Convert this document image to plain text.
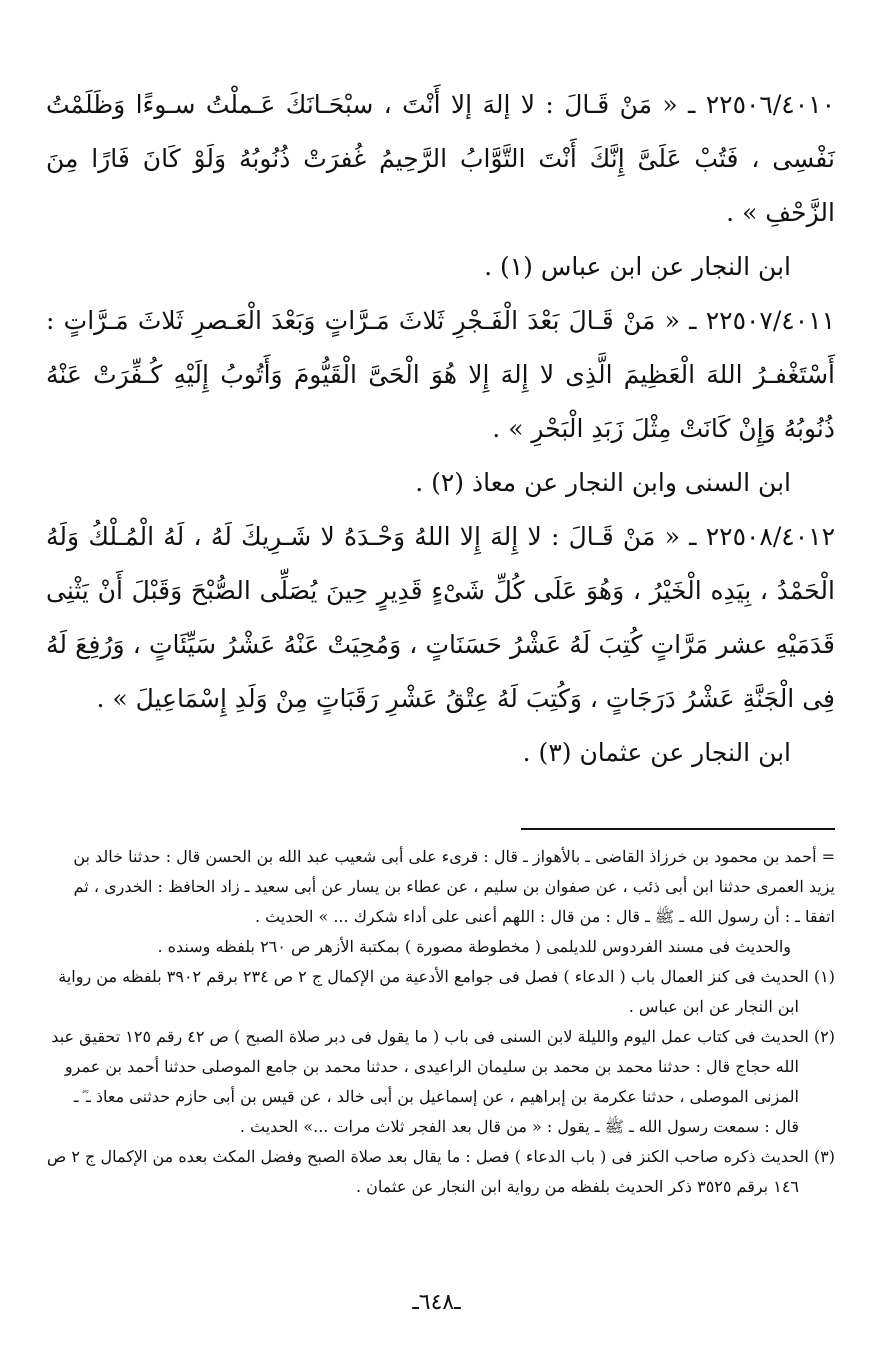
٢٢٥٠٦/٤٠١٠ ـ « مَنْ قَـالَ : لا إلهَ إلا أَنْتَ ، سبْحَـانَكَ عَـملْتُ سـوءًا وَظَلَمْتُ نَفْسِى ، فَتُبْ عَلَىَّ إِنَّكَ أَنْتَ التَّوَّابُ الرَّحِيمُ غُفرَتْ ذُنُوبُهُ وَلَوْ كَانَ فَارًا مِنَ الزَّحْفِ » .

ابن النجار عن ابن عباس (١) .

٢٢٥٠٧/٤٠١١ ـ « مَنْ قَـالَ بَعْدَ الْفَـجْرِ ثَلاثَ مَـرَّاتٍ وَبَعْدَ الْعَـصرِ ثَلاثَ مَـرَّاتٍ : أَسْتَغْفـرُ اللهَ الْعَظِيمَ الَّذِى لا إِلهَ إِلا هُوَ الْحَىَّ الْقَيُّومَ وَأَتُوبُ إِلَيْهِ كُـفِّرَتْ عَنْهُ ذُنُوبُهُ وَإِنْ كَانَتْ مِثْلَ زَبَدِ الْبَحْرِ » .

ابن السنى وابن النجار عن معاذ (٢) .

٢٢٥٠٨/٤٠١٢ ـ « مَنْ قَـالَ : لا إِلهَ إِلا اللهُ وَحْـدَهُ لا شَـرِيكَ لَهُ ، لَهُ الْمُـلْكُ وَلَهُ الْحَمْدُ ، بِيَدِه الْخَيْرُ ، وَهُوَ عَلَى كُلِّ شَىْءٍ قَدِيرٍ حِينَ يُصَلِّى الصُّبْحَ وَقَبْلَ أَنْ يَثْنِى قَدَمَيْهِ عشر مَرَّاتٍ كُتِبَ لَهُ عَشْرُ حَسَنَاتٍ ، وَمُحِيَتْ عَنْهُ عَشْرُ سَيِّئَاتٍ ، وَرُفِعَ لَهُ فِى الْجَنَّةِ عَشْرُ دَرَجَاتٍ ، وَكُتِبَ لَهُ عِتْقُ عَشْرِ رَقَبَاتٍ مِنْ وَلَدِ إِسْمَاعِيلَ » .

ابن النجار عن عثمان (٣) .

= أحمد بن محمود بن خرزاذ القاضى ـ بالأهواز ـ قال : قرىء على أبى شعيب عبد الله بن الحسن قال : حدثنا خالد بن يزيد العمرى حدثنا ابن أبى ذئب ، عن صفوان بن سليم ، عن عطاء بن يسار عن أبى سعيد ـ زاد الحافظ : الخدرى ، ثم اتفقا ـ : أن رسول الله ـ ﷺ ـ قال : من قال : اللهم أعنى على أداء شكرك ... » الحديث .

والحديث فى مسند الفردوس للديلمى ( مخطوطة مصورة ) بمكتبة الأزهر ص ٢٦٠ بلفظه وسنده .

(١) الحديث فى كنز العمال باب ( الدعاء ) فصل فى جوامع الأدعية من الإكمال ج ٢ ص ٢٣٤ برقم ٣٩٠٢ بلفظه من رواية ابن النجار عن ابن عباس .

(٢) الحديث فى كتاب عمل اليوم والليلة لابن السنى فى باب ( ما يقول فى دبر صلاة الصبح ) ص ٤٢ رقم ١٢٥ تحقيق عبد الله حجاج قال : حدثنا محمد بن محمد بن سليمان الراعيدى ، حدثنا محمد بن جامع الموصلى حدثنا أحمد بن عمرو المزنى الموصلى ، حدثنا عكرمة بن إبراهيم ، عن إسماعيل بن أبى خالد ، عن قيس بن أبى حازم حدثنى معاذ ـ ؓ ـ قال : سمعت رسول الله ـ ﷺ ـ يقول : « من قال بعد الفجر ثلاث مرات ...» الحديث .

(٣) الحديث ذكره صاحب الكنز فى ( باب الدعاء ) فصل : ما يقال بعد صلاة الصبح وفضل المكث بعده من الإكمال ج ٢ ص ١٤٦ برقم ٣٥٢٥ ذكر الحديث بلفظه من رواية ابن النجار عن عثمان .

ـ٦٤٨ـ
